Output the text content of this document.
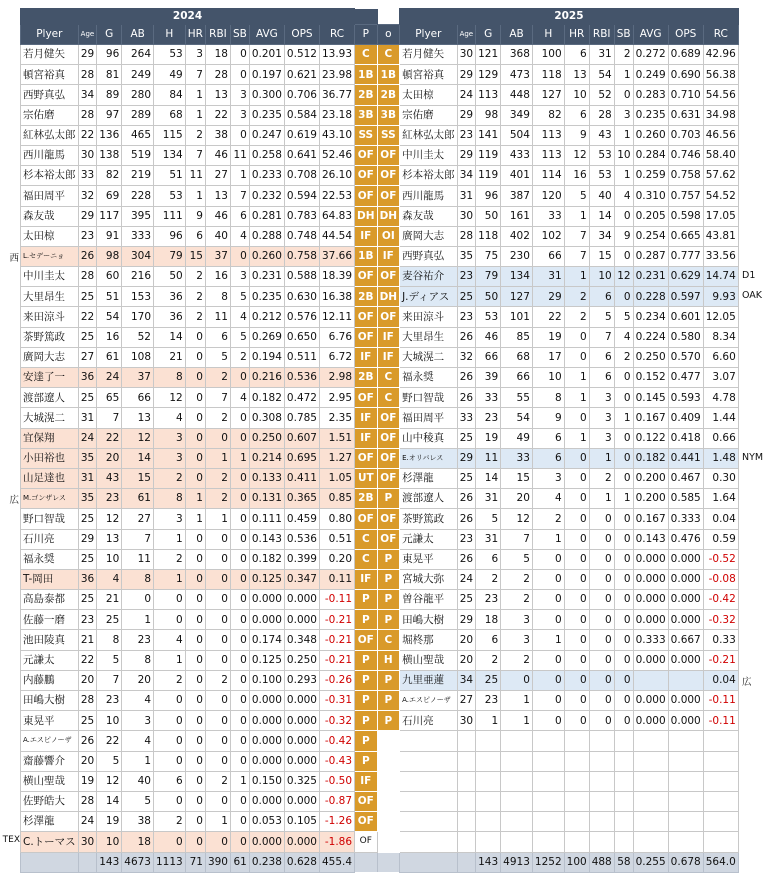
2024													2025										
Plyer	Age	G	AB	H	HR	RBI	SB	AVG	OPS	RC	P	o	Plyer	Age	G	AB	H	HR	RBI	SB	AVG	OPS	RC
若月健矢	29	96	264	53	3	18	0	0.201	0.512	13.93	C	C	若月健矢	30	121	368	100	6	31	2	0.272	0.689	42.96
頓宮裕真	28	81	249	49	7	28	0	0.197	0.621	23.98	1B	1B	頓宮裕真	29	129	473	118	13	54	1	0.249	0.690	56.38
西野真弘	34	89	280	84	1	13	3	0.300	0.706	36.77	2B	2B	太田椋	24	113	448	127	10	52	0	0.283	0.710	54.56
宗佑磨	28	97	289	68	1	22	3	0.235	0.584	23.18	3B	3B	宗佑磨	29	98	349	82	6	28	3	0.235	0.631	34.98
紅林弘太郎	22	136	465	115	2	38	0	0.247	0.619	43.10	SS	SS	紅林弘太郎	23	141	504	113	9	43	1	0.260	0.703	46.56
西川龍馬	30	138	519	134	7	46	11	0.258	0.641	52.46	OF	OF	中川圭太	29	119	433	113	12	53	10	0.284	0.746	58.40
杉本裕太郎	33	82	219	51	11	27	1	0.233	0.708	26.10	OF	OF	杉本裕太郎	34	119	401	114	16	53	1	0.259	0.758	57.62
福田周平	32	69	228	53	1	13	7	0.232	0.594	22.53	OF	OF	西川龍馬	31	96	387	120	5	40	4	0.310	0.757	54.52
森友哉	29	117	395	111	9	46	6	0.281	0.783	64.83	DH	DH	森友哉	30	50	161	33	1	14	0	0.205	0.598	17.05
太田椋	23	91	333	96	6	40	4	0.288	0.748	44.54	IF	OI	廣岡大志	28	118	402	102	7	34	9	0.254	0.665	43.81
L.セデーニョ	26	98	304	79	15	37	0	0.260	0.758	37.66	1B	IF	西野真弘	35	75	230	66	7	15	0	0.287	0.777	33.56
中川圭太	28	60	216	50	2	16	3	0.231	0.588	18.39	OF	OF	麦谷祐介	23	79	134	31	1	10	12	0.231	0.629	14.74
大里昂生	25	51	153	36	2	8	5	0.235	0.630	16.38	2B	DH	J.ディアス	25	50	127	29	2	6	0	0.228	0.597	9.93
来田涼斗	22	54	170	36	2	11	4	0.212	0.576	12.11	OF	OF	来田涼斗	23	53	101	22	2	5	5	0.234	0.601	12.05
茶野篤政	25	16	52	14	0	6	5	0.269	0.650	6.76	OF	IF	大里昂生	26	46	85	19	0	7	4	0.224	0.580	8.34
廣岡大志	27	61	108	21	0	5	2	0.194	0.511	6.72	IF	IF	大城滉二	32	66	68	17	0	6	2	0.250	0.570	6.60
安達了一	36	24	37	8	0	2	0	0.216	0.536	2.98	2B	C	福永奨	26	39	66	10	1	6	0	0.152	0.477	3.07
渡部遼人	25	65	66	12	0	7	4	0.182	0.472	2.95	OF	C	野口智哉	26	33	55	8	1	3	0	0.145	0.593	4.78
大城滉二	31	7	13	4	0	2	0	0.308	0.785	2.35	IF	OF	福田周平	33	23	54	9	0	3	1	0.167	0.409	1.44
宜保翔	24	22	12	3	0	0	0	0.250	0.607	1.51	IF	OF	山中稜真	25	19	49	6	1	3	0	0.122	0.418	0.66
小田裕也	35	20	14	3	0	1	1	0.214	0.695	1.27	OF	OF	E.オリバレス	29	11	33	6	0	1	0	0.182	0.441	1.48
山足達也	31	43	15	2	0	2	0	0.133	0.411	1.05	UT	OF	杉澤龍	25	14	15	3	0	2	0	0.200	0.467	0.30
M.ゴンザレス	35	23	61	8	1	2	0	0.131	0.365	0.85	2B	P	渡部遼人	26	31	20	4	0	1	1	0.200	0.585	1.64
野口智哉	25	12	27	3	1	1	0	0.111	0.459	0.80	OF	OF	茶野篤政	26	5	12	2	0	0	0	0.167	0.333	0.04
石川亮	29	13	7	1	0	0	0	0.143	0.536	0.51	C	OF	元謙太	23	31	7	1	0	0	0	0.143	0.476	0.59
福永奨	25	10	11	2	0	0	0	0.182	0.399	0.20	C	P	東晃平	26	6	5	0	0	0	0	0.000	0.000	-0.52
T-岡田	36	4	8	1	0	0	0	0.125	0.347	0.11	IF	P	宮城大弥	24	2	2	0	0	0	0	0.000	0.000	-0.08
高島泰都	25	21	0	0	0	0	0	0.000	0.000	-0.11	P	P	曽谷龍平	25	23	2	0	0	0	0	0.000	0.000	-0.42
佐藤一磨	23	25	1	0	0	0	0	0.000	0.000	-0.21	P	P	田嶋大樹	29	18	3	0	0	0	0	0.000	0.000	-0.32
池田陵真	21	8	23	4	0	0	0	0.174	0.348	-0.21	OF	C	堀柊那	20	6	3	1	0	0	0	0.333	0.667	0.33
元謙太	22	5	8	1	0	0	0	0.125	0.250	-0.21	P	H	横山聖哉	20	2	2	0	0	0	0	0.000	0.000	-0.21
内藤鵬	20	7	20	2	0	2	0	0.100	0.293	-0.26	P	P	九里亜蓮	34	25	0	0	0	0	0			0.04
田嶋大樹	28	23	4	0	0	0	0	0.000	0.000	-0.31	P	P	A.エスピノーザ	27	23	1	0	0	0	0	0.000	0.000	-0.11
東晃平	25	10	3	0	0	0	0	0.000	0.000	-0.32	P	P	石川亮	30	1	1	0	0	0	0	0.000	0.000	-0.11
A.エスピノーザ	26	22	4	0	0	0	0	0.000	0.000	-0.42	P												
齋藤響介	20	5	1	0	0	0	0	0.000	0.000	-0.43	P												
横山聖哉	19	12	40	6	0	2	1	0.150	0.325	-0.50	IF												
佐野皓大	28	14	5	0	0	0	0	0.000	0.000	-0.87	OF												
杉澤龍	24	19	38	2	0	1	0	0.053	0.105	-1.26	OF												
C.トーマス	30	10	18	0	0	0	0	0.000	0.000	-1.86	OF												
		143	4673	1113	71	390	61	0.238	0.628	455.4					143	4913	1252	100	488	58	0.255	0.678	564.0
西
広
TEX
D1
OAK
NYM
広
